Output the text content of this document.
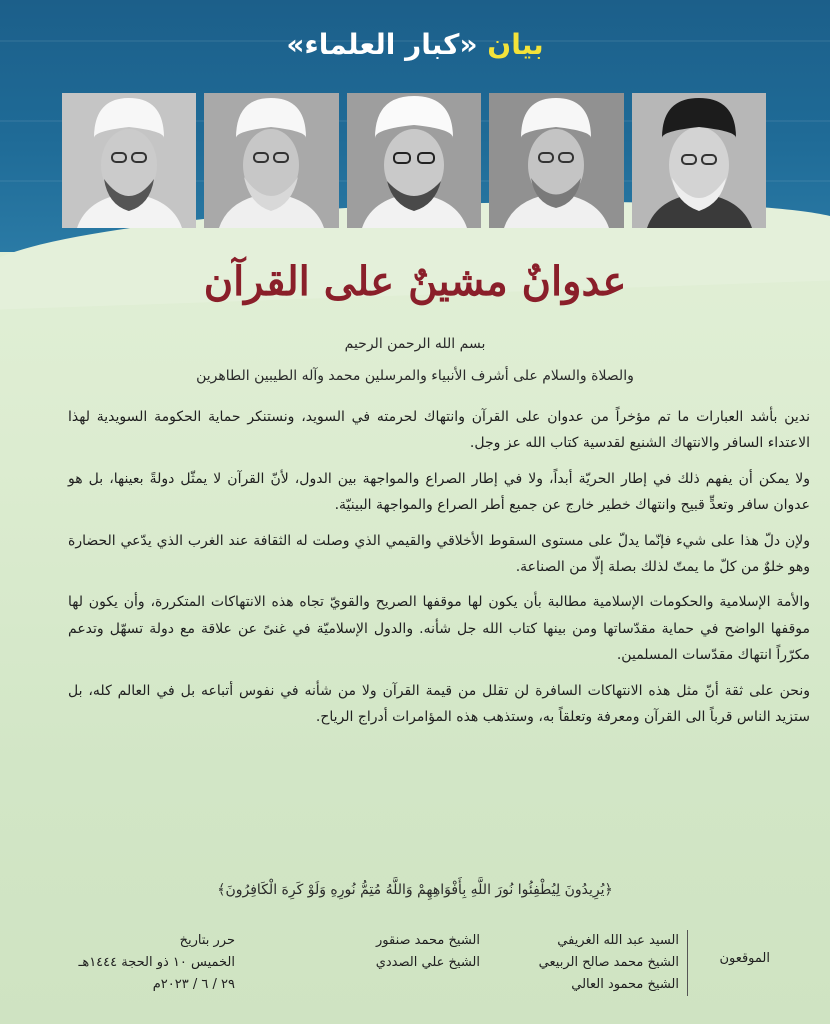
بيان «كبار العلماء»
عدوانٌ مشينٌ على القرآن
بسم الله الرحمن الرحيم
والصلاة والسلام على أشرف الأنبياء والمرسلين محمد وآله الطيبين الطاهرين

ندين بأشد العبارات ما تم مؤخراً من عدوان على القرآن وانتهاك لحرمته في السويد، ونستنكر حماية الحكومة السويدية لهذا الاعتداء السافر والانتهاك الشنيع لقدسية كتاب الله عز وجل.

ولا يمكن أن يفهم ذلك في إطار الحريّة أبداً، ولا في إطار الصراع والمواجهة بين الدول، لأنّ القرآن لا يمثّل دولةً بعينها، بل هو عدوان سافر وتعدٍّ قبيح وانتهاك خطير خارج عن جميع أطر الصراع والمواجهة البينيّة.

ولإن دلّ هذا على شيء فإنّما يدلّ على مستوى السقوط الأخلاقي والقيمي الذي وصلت له الثقافة عند الغرب الذي يدّعي الحضارة وهو خلوٌ من كلّ ما يمتّ لذلك بصلة إلّا من الصناعة.

والأمة الإسلامية والحكومات الإسلامية مطالبة بأن يكون لها موقفها الصريح والقويّ تجاه هذه الانتهاكات المتكررة، وأن يكون لها موقفها الواضح في حماية مقدّساتها ومن بينها كتاب الله جل شأنه. والدول الإسلاميّة في غنىً عن علاقة مع دولة تسهّل وتدعم مكرّراً انتهاك مقدّسات المسلمين.

ونحن على ثقة أنّ مثل هذه الانتهاكات السافرة لن تقلل من قيمة القرآن ولا من شأنه في نفوس أتباعه بل في العالم كله، بل ستزيد الناس قرباً الى القرآن ومعرفة وتعلقاً به، وستذهب هذه المؤامرات أدراج الرياح.

﴿يُرِيدُونَ لِيُطْفِئُوا نُورَ اللَّهِ بِأَفْوَاهِهِمْ وَاللَّهُ مُتِمُّ نُورِهِ وَلَوْ كَرِهَ الْكَافِرُونَ﴾
الموقعون
السيد عبد الله الغريفي
الشيخ محمد صالح الربيعي
الشيخ محمود العالي
الشيخ محمد صنقور
الشيخ علي الصددي
حرر بتاريخ
الخميس ١٠ ذو الحجة ١٤٤٤هـ
٢٩ / ٦ / ٢٠٢٣م
